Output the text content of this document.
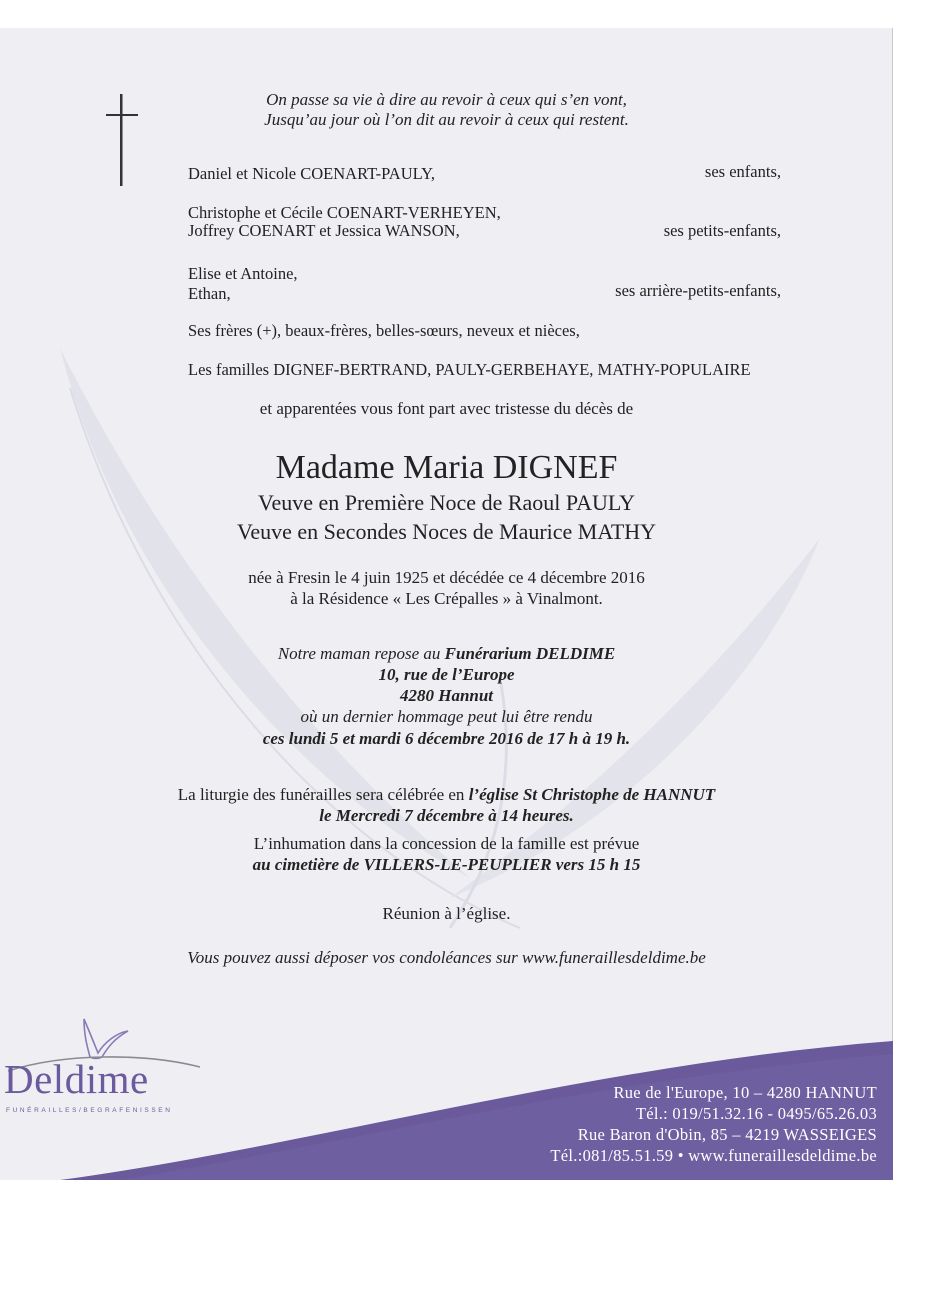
On passe sa vie à dire au revoir à ceux qui s’en vont,
Jusqu’au jour où l’on dit au revoir à ceux qui restent.
Daniel et Nicole COENART-PAULY,	ses enfants,
Christophe et Cécile COENART-VERHEYEN,
Joffrey COENART et Jessica WANSON,	ses petits-enfants,
Elise et Antoine,
Ethan,	ses arrière-petits-enfants,
Ses frères (+), beaux-frères, belles-sœurs, neveux et nièces,
Les familles DIGNEF-BERTRAND, PAULY-GERBEHAYE, MATHY-POPULAIRE
et apparentées vous font part avec tristesse du décès de
Madame Maria DIGNEF
Veuve en Première Noce de Raoul PAULY
Veuve en Secondes Noces de Maurice MATHY
née à Fresin le 4 juin 1925 et décédée ce 4 décembre 2016
à la Résidence « Les Crépalles » à Vinalmont.
Notre maman repose au Funérarium DELDIME
10, rue de l’Europe
4280 Hannut
où un dernier hommage peut lui être rendu
ces lundi 5 et mardi 6 décembre 2016 de 17 h à 19 h.
La liturgie des funérailles sera célébrée en l’église St Christophe de HANNUT
le Mercredi 7 décembre à 14 heures.
L’inhumation dans la concession de la famille est prévue
au cimetière de VILLERS-LE-PEUPLIER vers 15 h 15
Réunion à l’église.
Vous pouvez aussi déposer vos condoléances sur www.funeraillesdeldime.be
Rue de l'Europe, 10 – 4280 HANNUT
Tél.: 019/51.32.16 - 0495/65.26.03
Rue Baron d'Obin, 85 – 4219 WASSEIGES
Tél.:081/85.51.59 • www.funeraillesdeldime.be
Deldime
FUNÉRAILLES/BEGRAFENISSEN
